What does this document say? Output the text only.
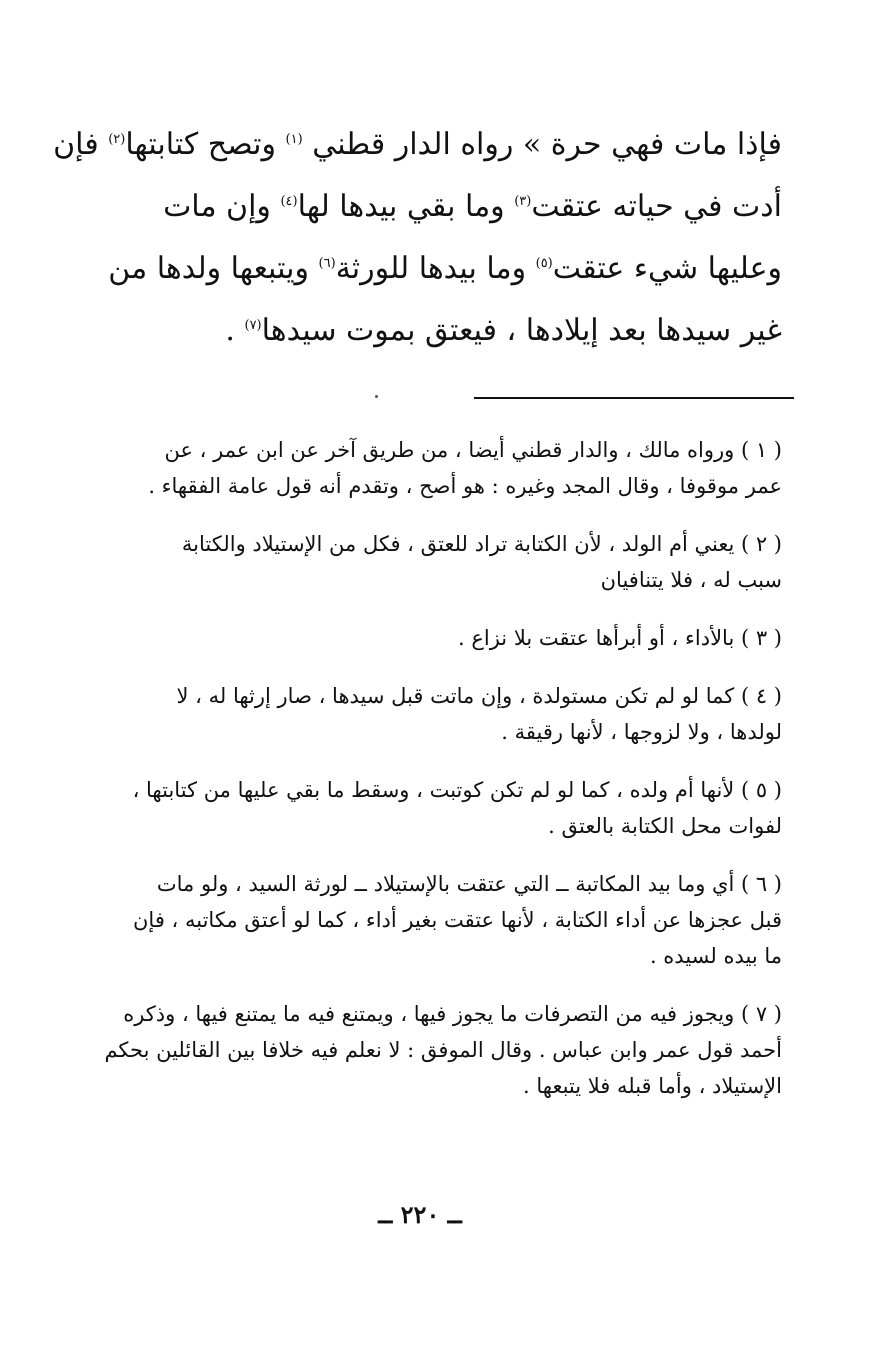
فإذا مات فهي حرة » رواه الدار قطني $^{(١)}$ وتصح كتابتها$^{(٢)}$ فإن
أدت في حياته عتقت$^{(٣)}$ وما بقي بيدها لها$^{(٤)}$ وإن مات
وعليها شيء عتقت$^{(٥)}$ وما بيدها للورثة$^{(٦)}$ ويتبعها ولدها من
غير سيدها بعد إيلادها ، فيعتق بموت سيدها$^{(٧)}$ .
( ١ ) ورواه مالك ، والدار قطني أيضا ، من طريق آخر عن ابن عمر ، عن
عمر موقوفا ، وقال المجد وغيره : هو أصح ، وتقدم أنه قول عامة الفقهاء .
( ٢ ) يعني أم الولد ، لأن الكتابة تراد للعتق ، فكل من الإستيلاد والكتابة
سبب له ، فلا يتنافيان
( ٣ ) بالأداء ، أو أبرأها عتقت بلا نزاع .
( ٤ ) كما لو لم تكن مستولدة ، وإن ماتت قبل سيدها ، صار إرثها له ، لا
لولدها ، ولا لزوجها ، لأنها رقيقة .
( ٥ ) لأنها أم ولده ، كما لو لم تكن كوتبت ، وسقط ما بقي عليها من كتابتها ،
لفوات محل الكتابة بالعتق .
( ٦ ) أي وما بيد المكاتبة ــ التي عتقت بالإستيلاد ــ لورثة السيد ، ولو مات
قبل عجزها عن أداء الكتابة ، لأنها عتقت بغير أداء ، كما لو أعتق مكاتبه ، فإن
ما بيده لسيده .
( ٧ ) ويجوز فيه من التصرفات ما يجوز فيها ، ويمتنع فيه ما يمتنع فيها ، وذكره
أحمد قول عمر وابن عباس . وقال الموفق : لا نعلم فيه خلافا بين القائلين بحكم
الإستيلاد ، وأما قبله فلا يتبعها .
ــ ٢٢٠ ــ
